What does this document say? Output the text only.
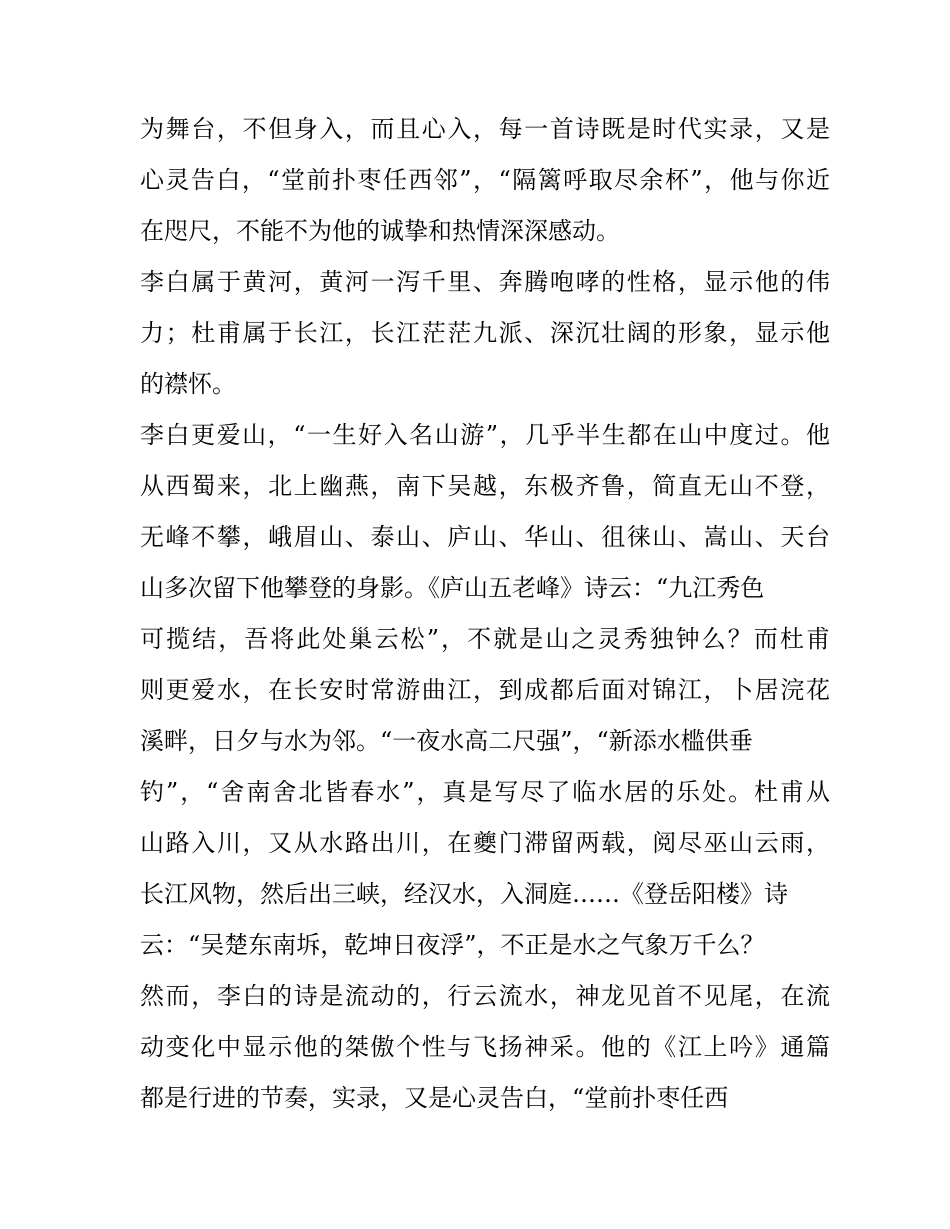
为舞台，不但身入，而且心入，每一首诗既是时代实录，又是
心灵告白，“堂前扑枣任西邻”，“隔篱呼取尽余杯”，他与你近
在咫尺，不能不为他的诚挚和热情深深感动。
李白属于黄河，黄河一泻千里、奔腾咆哮的性格，显示他的伟
力；杜甫属于长江，长江茫茫九派、深沉壮阔的形象，显示他
的襟怀。
李白更爱山，“一生好入名山游”，几乎半生都在山中度过。他
从西蜀来，北上幽燕，南下吴越，东极齐鲁，简直无山不登，
无峰不攀，峨眉山、泰山、庐山、华山、徂徕山、嵩山、天台
山多次留下他攀登的身影。《庐山五老峰》诗云：“九江秀色
可揽结，吾将此处巢云松”，不就是山之灵秀独钟么？而杜甫
则更爱水，在长安时常游曲江，到成都后面对锦江，卜居浣花
溪畔，日夕与水为邻。“一夜水高二尺强”，“新添水槛供垂
钓”，“舍南舍北皆春水”，真是写尽了临水居的乐处。杜甫从
山路入川，又从水路出川，在夔门滞留两载，阅尽巫山云雨，
长江风物，然后出三峡，经汉水，入洞庭……《登岳阳楼》诗
云：“吴楚东南坼，乾坤日夜浮”，不正是水之气象万千么？
然而，李白的诗是流动的，行云流水，神龙见首不见尾，在流
动变化中显示他的桀傲个性与飞扬神采。他的《江上吟》通篇
都是行进的节奏，实录，又是心灵告白，“堂前扑枣任西
